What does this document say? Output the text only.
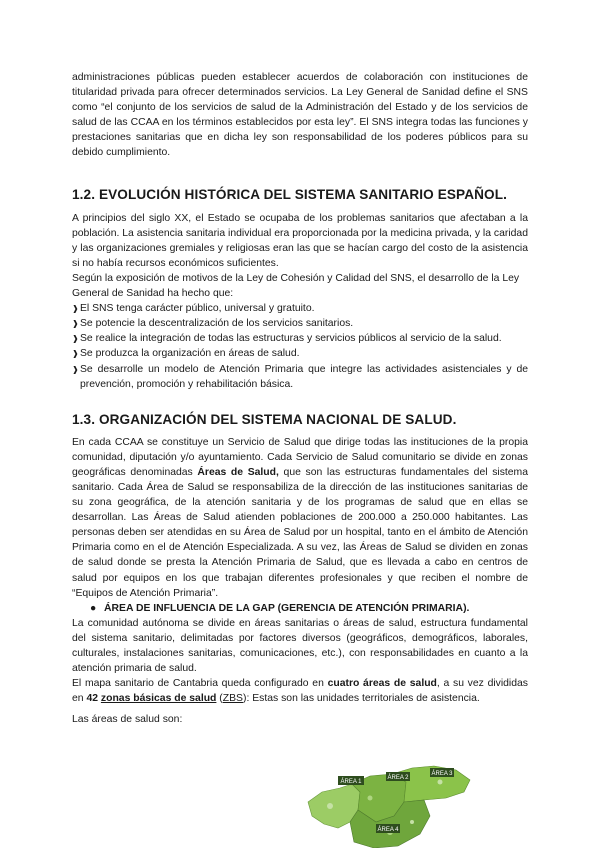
administraciones públicas pueden establecer acuerdos de colaboración con instituciones de titularidad privada para ofrecer determinados servicios. La Ley General de Sanidad define el SNS como “el conjunto de los servicios de salud de la Administración del Estado y de los servicios de salud de las CCAA en los términos establecidos por esta ley”. El SNS integra todas las funciones y prestaciones sanitarias que en dicha ley son responsabilidad de los poderes públicos para su debido cumplimiento.

1.2. EVOLUCIÓN HISTÓRICA DEL SISTEMA SANITARIO ESPAÑOL.

A principios del siglo XX, el Estado se ocupaba de los problemas sanitarios que afectaban a la población. La asistencia sanitaria individual era proporcionada por la medicina privada, y la caridad y las organizaciones gremiales y religiosas eran las que se hacían cargo del costo de la asistencia si no había recursos económicos suficientes.

Según la exposición de motivos de la Ley de Cohesión y Calidad del SNS, el desarrollo de la Ley General de Sanidad ha hecho que:

❱ El SNS tenga carácter público, universal y gratuito.

❱ Se potencie la descentralización de los servicios sanitarios.

❱ Se realice la integración de todas las estructuras y servicios públicos al servicio de la salud.

❱ Se produzca la organización en áreas de salud.

❱ Se desarrolle un modelo de Atención Primaria que integre las actividades asistenciales y de prevención, promoción y rehabilitación básica.

1.3. ORGANIZACIÓN DEL SISTEMA NACIONAL DE SALUD.

En cada CCAA se constituye un Servicio de Salud que dirige todas las instituciones de la propia comunidad, diputación y/o ayuntamiento. Cada Servicio de Salud comunitario se divide en zonas geográficas denominadas Áreas de Salud, que son las estructuras fundamentales del sistema sanitario. Cada Área de Salud se responsabiliza de la dirección de las instituciones sanitarias de su zona geográfica, de la atención sanitaria y de los programas de salud que en ellas se desarrollan. Las Áreas de Salud atienden poblaciones de 200.000 a 250.000 habitantes. Las personas deben ser atendidas en su Área de Salud por un hospital, tanto en el ámbito de Atención Primaria como en el de Atención Especializada. A su vez, las Áreas de Salud se dividen en zonas de salud donde se presta la Atención Primaria de Salud, que es llevada a cabo en centros de salud por equipos en los que trabajan diferentes profesionales y que reciben el nombre de “Equipos de Atención Primaria”.

● ÁREA DE INFLUENCIA DE LA GAP (GERENCIA DE ATENCIÓN PRIMARIA).

La comunidad autónoma se divide en áreas sanitarias o áreas de salud, estructura fundamental del sistema sanitario, delimitadas por factores diversos (geográficos, demográficos, laborales, culturales, instalaciones sanitarias, comunicaciones, etc.), con responsabilidades en cuanto a la atención primaria de salud.

El mapa sanitario de Cantabria queda configurado en cuatro áreas de salud, a su vez divididas en 42 zonas básicas de salud (ZBS): Estas son las unidades territoriales de asistencia.

Las áreas de salud son:

ÁREA 1
ÁREA 2
ÁREA 3
ÁREA 4
